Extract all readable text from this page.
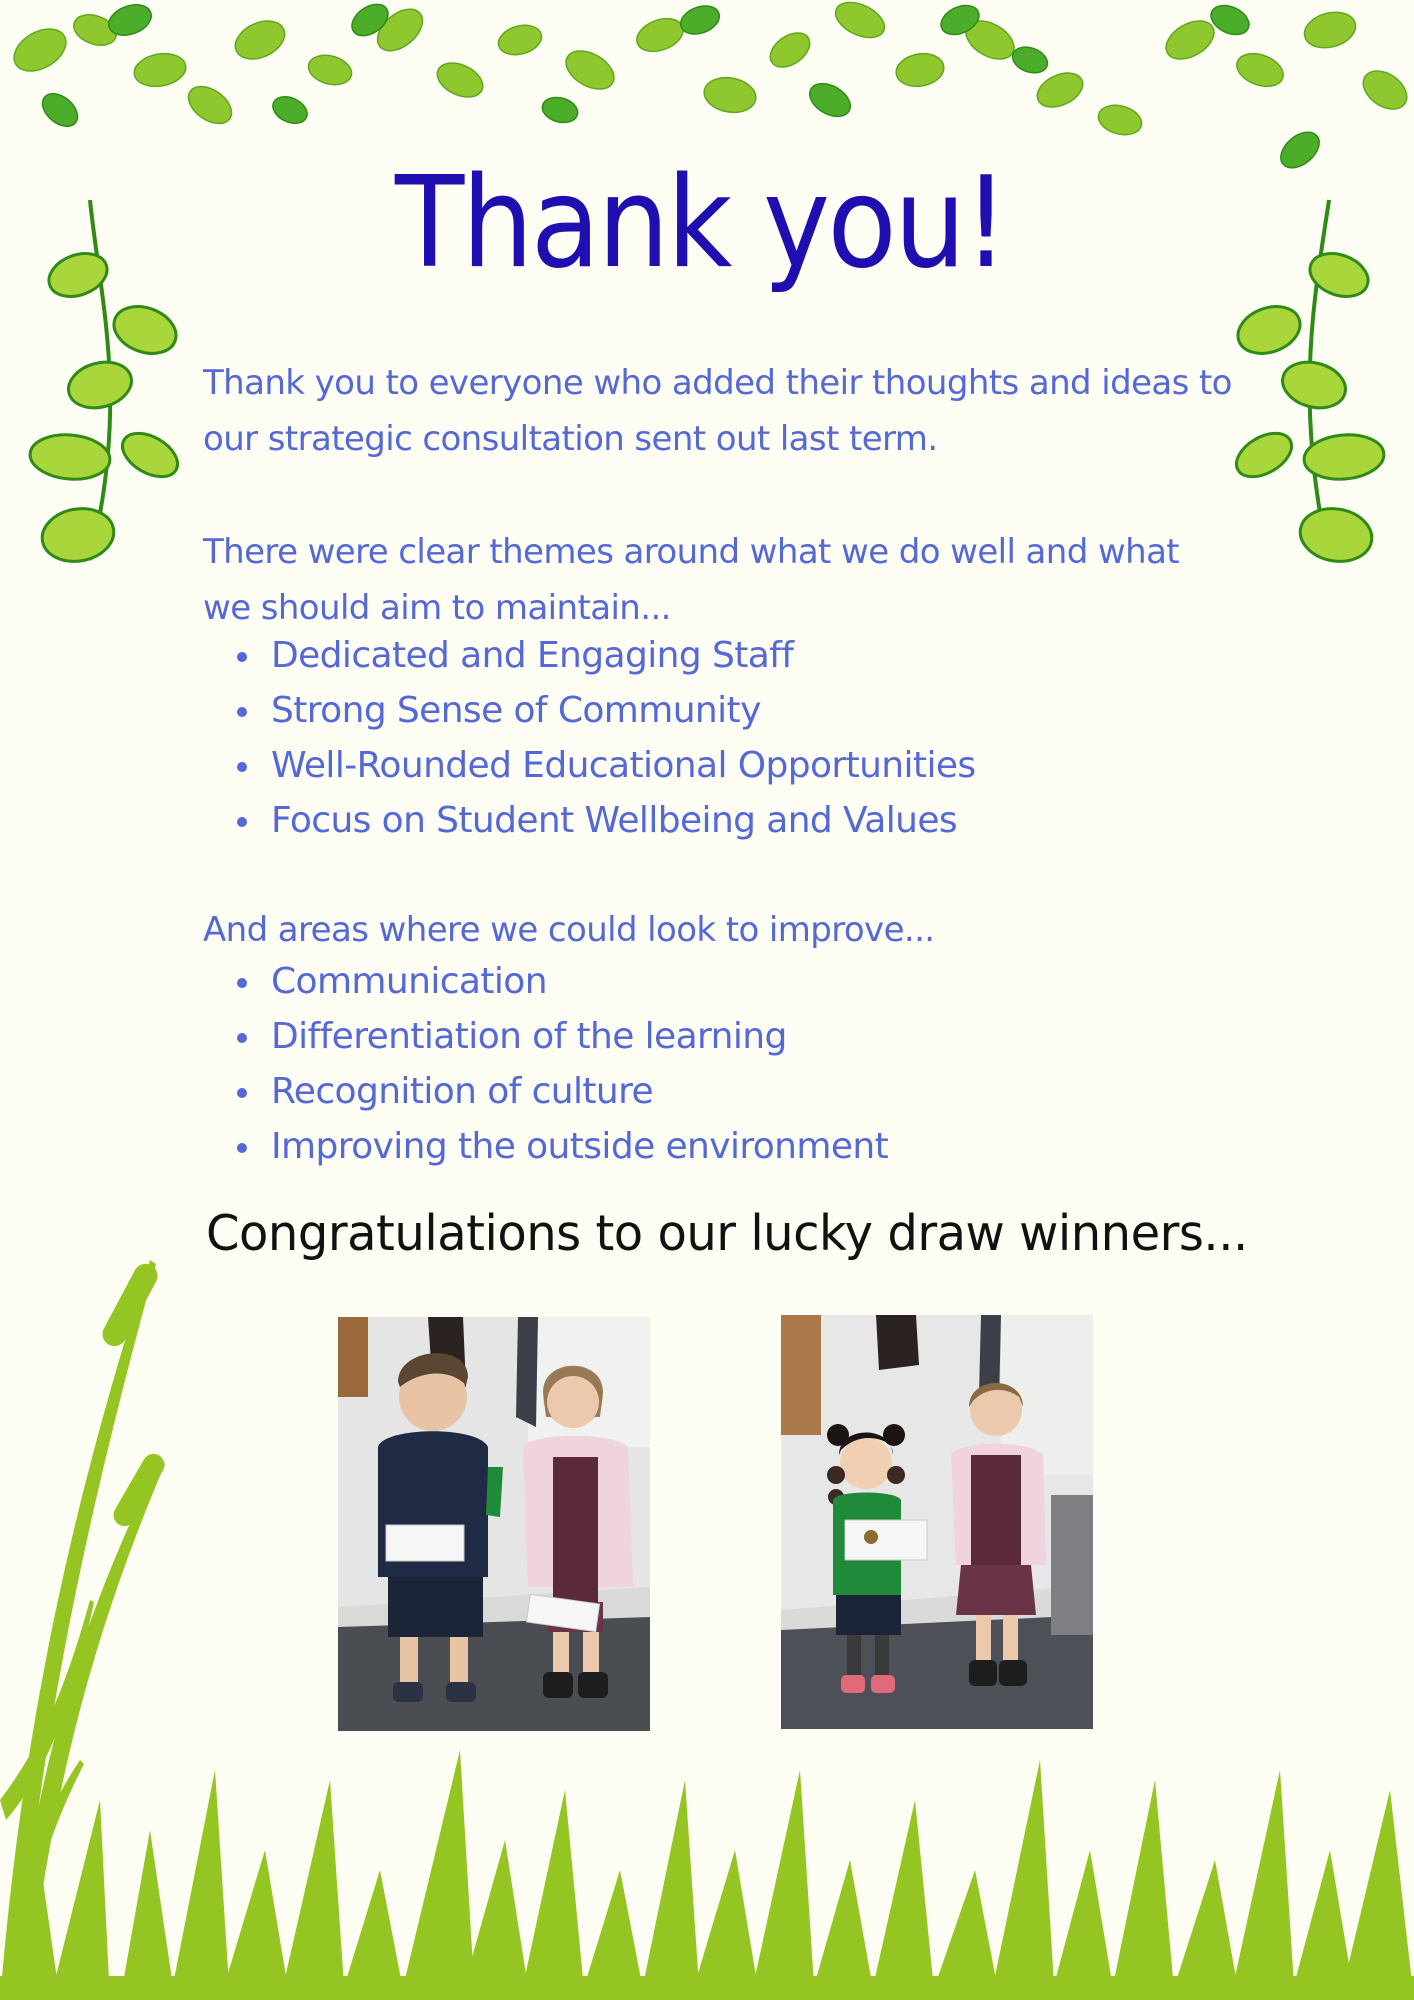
Thank you!

Thank you to everyone who added their thoughts and ideas to our strategic consultation sent out last term.

There were clear themes around what we do well and what we should aim to maintain...

Dedicated and Engaging Staff
Strong Sense of Community
Well-Rounded Educational Opportunities
Focus on Student Wellbeing and Values

And areas where we could look to improve...

Communication
Differentiation of the learning
Recognition of culture
Improving the outside environment
Congratulations to our lucky draw winners...
